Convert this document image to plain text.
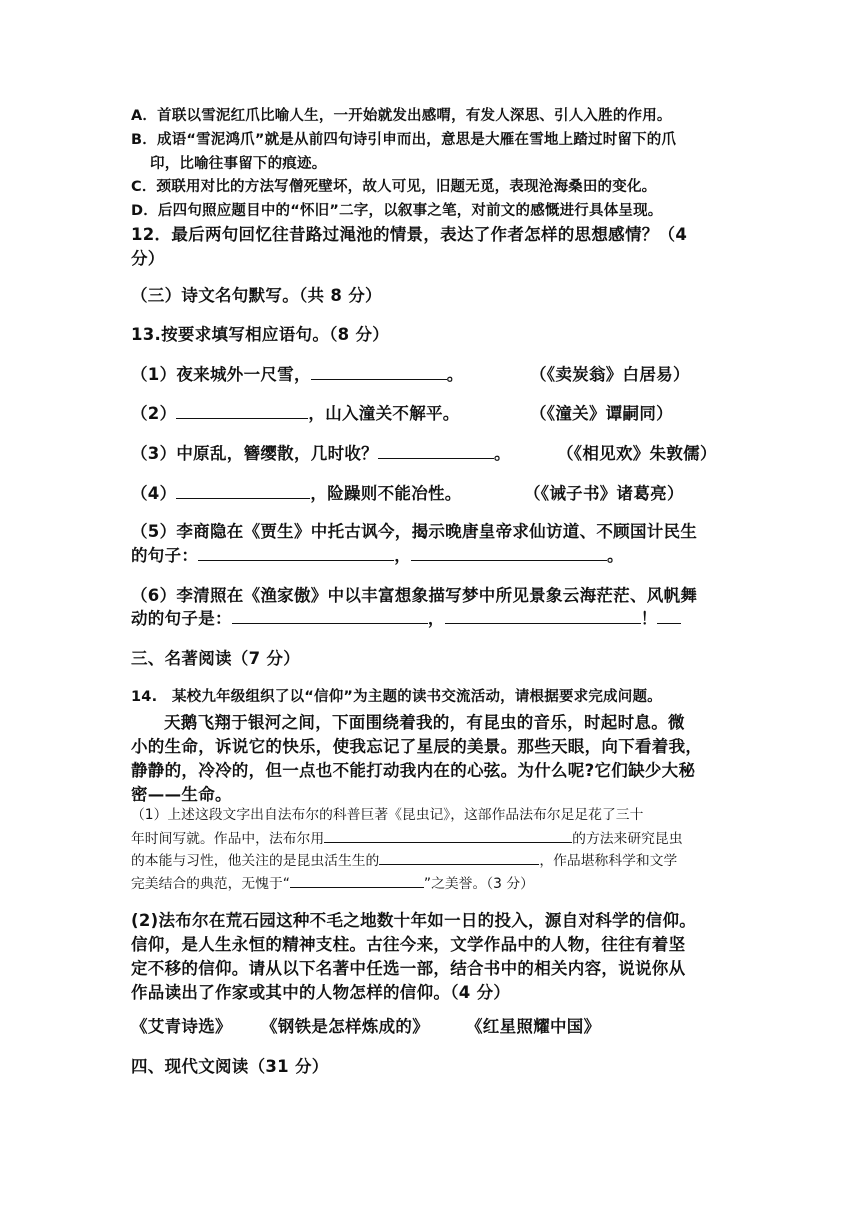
A．首联以雪泥红爪比喻人生，一开始就发出感喟，有发人深思、引人入胜的作用。
B．成语“雪泥鸿爪”就是从前四句诗引申而出，意思是大雁在雪地上踏过时留下的爪
印，比喻往事留下的痕迹。
C．颈联用对比的方法写僧死壁坏，故人可见，旧题无觅，表现沧海桑田的变化。
D．后四句照应题目中的“怀旧”二字，以叙事之笔，对前文的感慨进行具体呈现。
12．最后两句回忆往昔路过渑池的情景，表达了作者怎样的思想感情？（4
分）
（三）诗文名句默写。（共 8 分）
13.按要求填写相应语句。（8 分）
（1）夜来城外一尺雪，	。	（《卖炭翁》白居易）
（2）	，山入潼关不解平。	（《潼关》谭嗣同）
（3）中原乱，簪缨散，几时收？	。	（《相见欢》朱敦儒）
（4）	，险躁则不能冶性。	（《诫子书》诸葛亮）
（5）李商隐在《贾生》中托古讽今，揭示晚唐皇帝求仙访道、不顾国计民生
的句子：	，	。
（6）李清照在《渔家傲》中以丰富想象描写梦中所见景象云海茫茫、风帆舞
动的句子是：	，	！
三、名著阅读（7 分）
14.　某校九年级组织了以“信仰”为主题的读书交流活动，请根据要求完成问题。
天鹅飞翔于银河之间，下面围绕着我的，有昆虫的音乐，时起时息。微
小的生命，诉说它的快乐，使我忘记了星辰的美景。那些天眼，向下看着我，
静静的，冷冷的，但一点也不能打动我内在的心弦。为什么呢?它们缺少大秘
密——生命。
（1）上述这段文字出自法布尔的科普巨著《昆虫记》，这部作品法布尔足足花了三十
年时间写就。作品中，法布尔用	的方法来研究昆虫
的本能与习性，他关注的是昆虫活生生的	，作品堪称科学和文学
完美结合的典范，无愧于“	”之美誉。（3 分）
(2)法布尔在荒石园这种不毛之地数十年如一日的投入，源自对科学的信仰。
信仰，是人生永恒的精神支柱。古往今来，文学作品中的人物，往往有着坚
定不移的信仰。请从以下名著中任选一部，结合书中的相关内容，说说你从
作品读出了作家或其中的人物怎样的信仰。（4 分）
《艾青诗选》 《钢铁是怎样炼成的》 《红星照耀中国》
四、现代文阅读（31 分）
